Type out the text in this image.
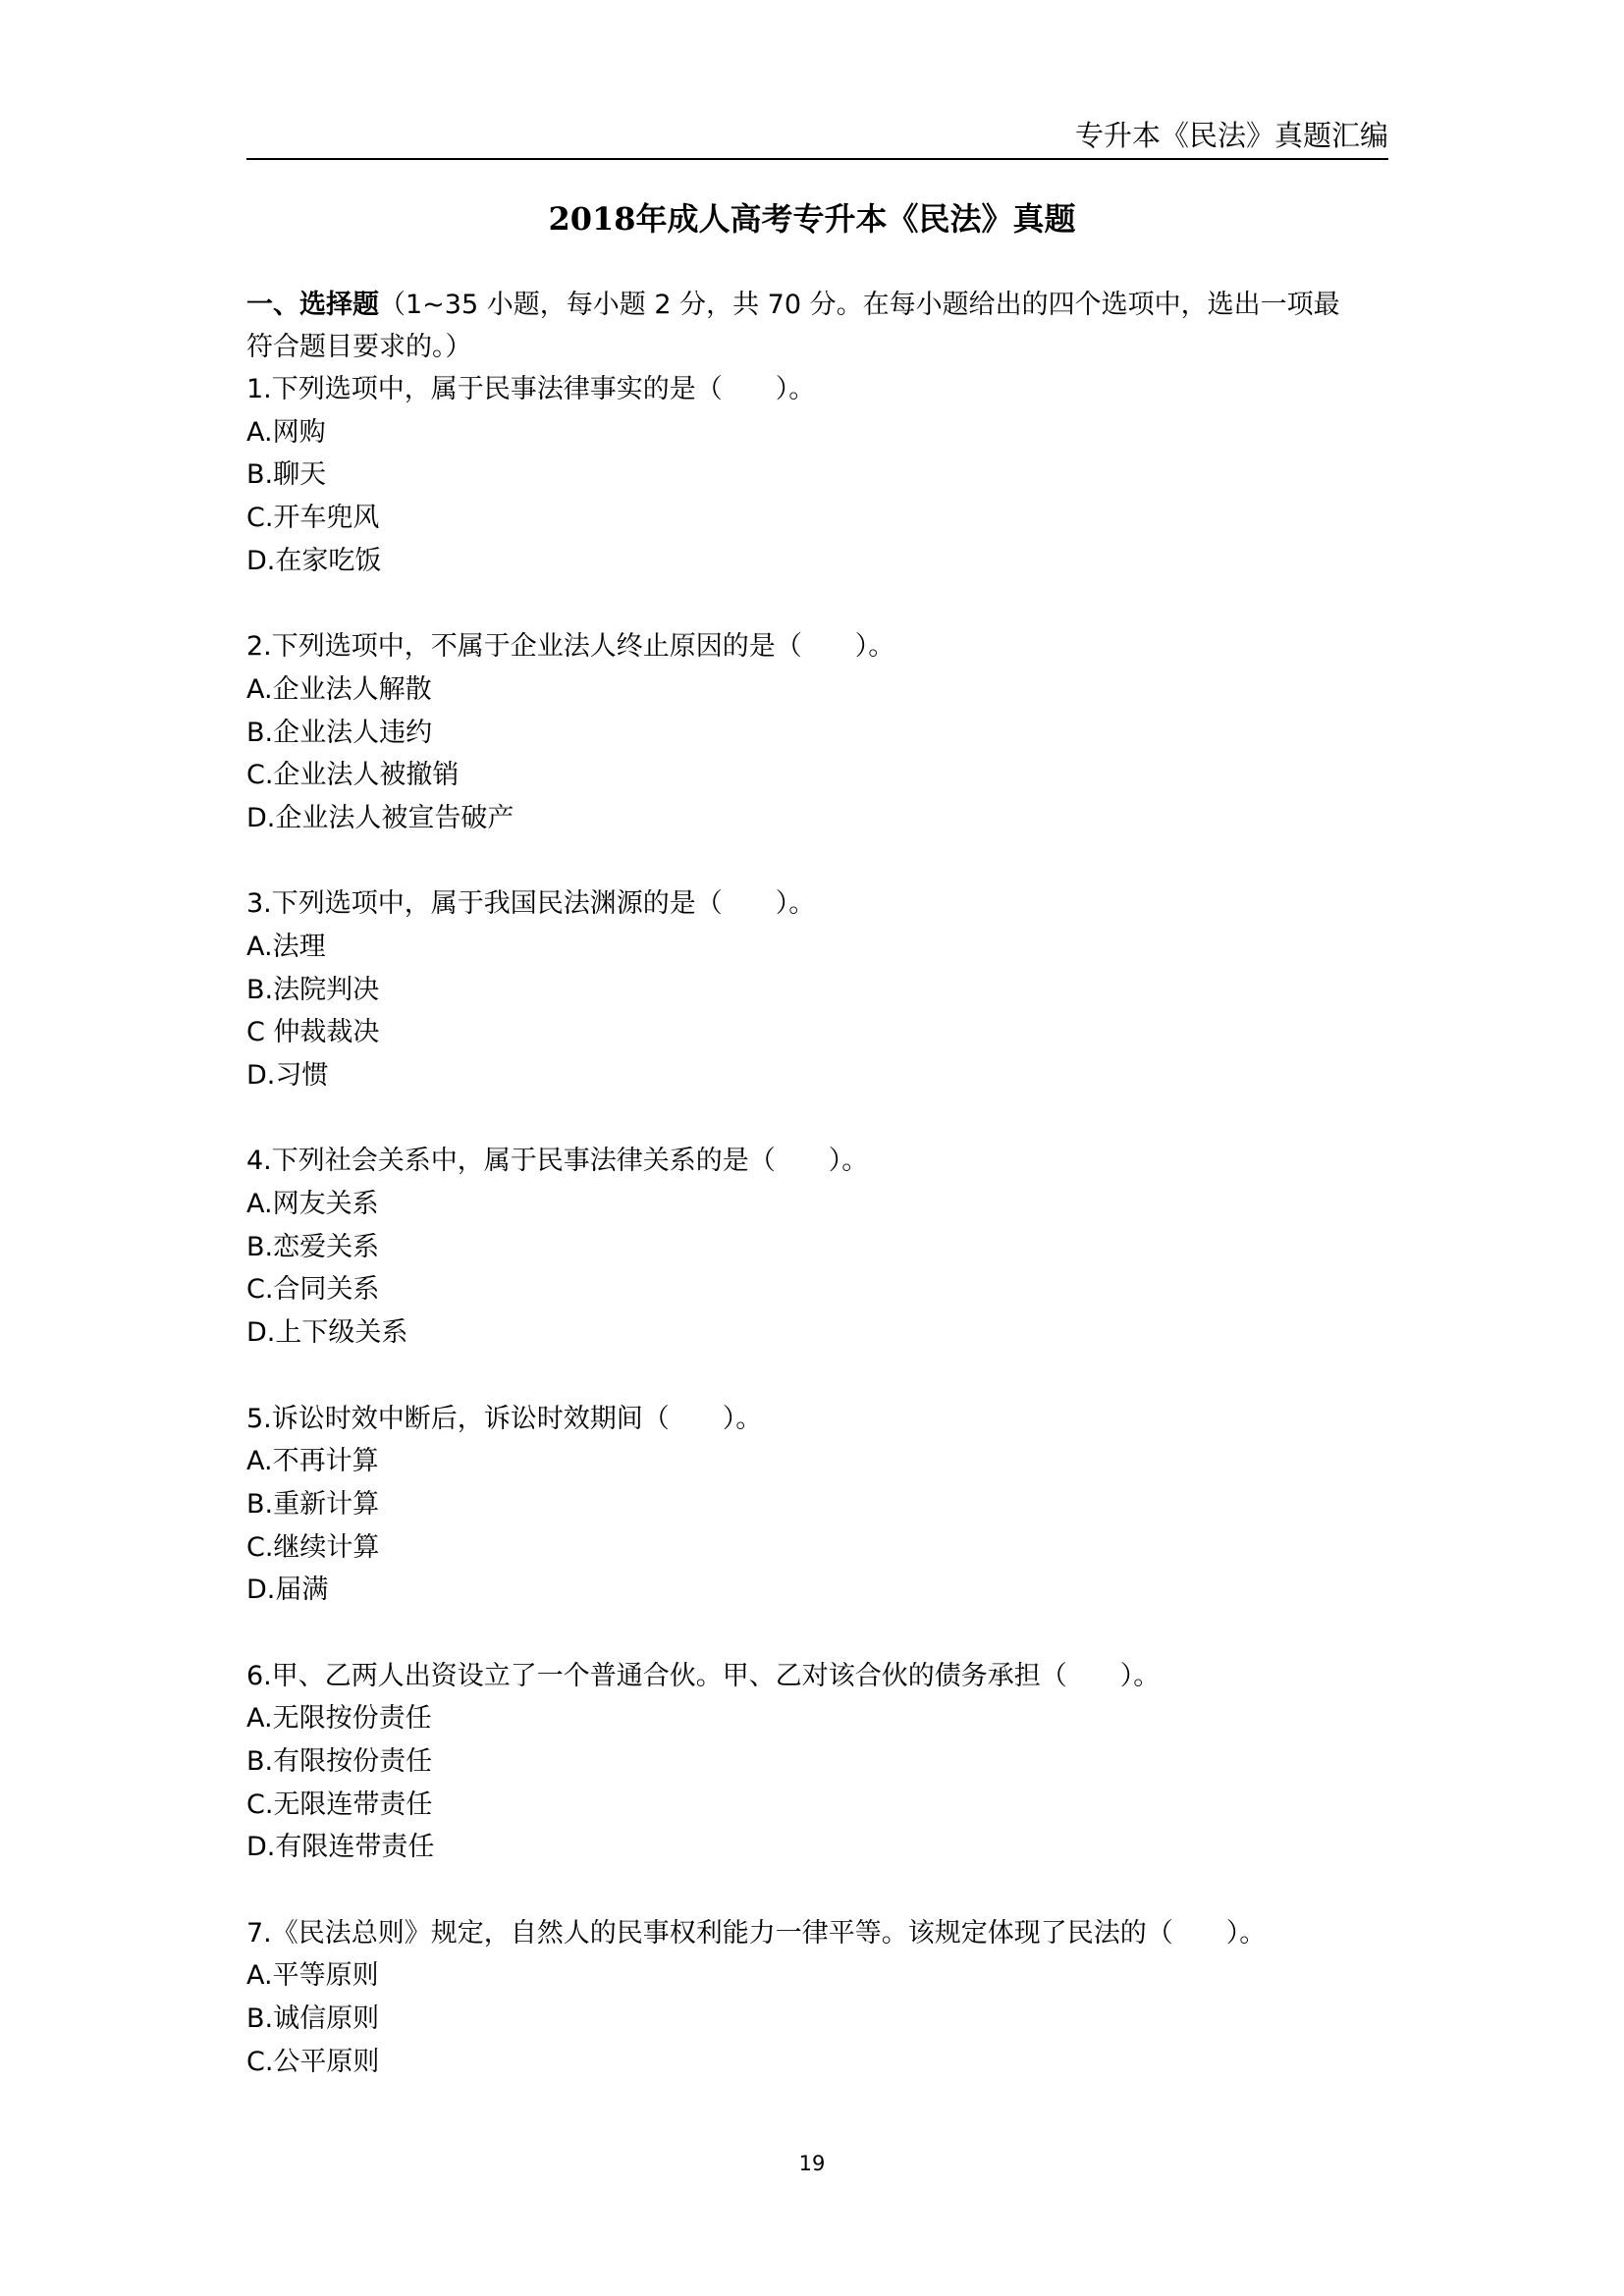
专升本《民法》真题汇编
2018年成人高考专升本《民法》真题
一、选择题（1~35 小题，每小题 2 分，共 70 分。在每小题给出的四个选项中，选出一项最
符合题目要求的。）
1.下列选项中，属于民事法律事实的是（　　）。
A.网购
B.聊天
C.开车兜风
D.在家吃饭
2.下列选项中，不属于企业法人终止原因的是（　　）。
A.企业法人解散
B.企业法人违约
C.企业法人被撤销
D.企业法人被宣告破产
3.下列选项中，属于我国民法渊源的是（　　）。
A.法理
B.法院判决
C 仲裁裁决
D.习惯
4.下列社会关系中，属于民事法律关系的是（　　）。
A.网友关系
B.恋爱关系
C.合同关系
D.上下级关系
5.诉讼时效中断后，诉讼时效期间（　　）。
A.不再计算
B.重新计算
C.继续计算
D.届满
6.甲、乙两人出资设立了一个普通合伙。甲、乙对该合伙的债务承担（　　）。
A.无限按份责任
B.有限按份责任
C.无限连带责任
D.有限连带责任
7.《民法总则》规定，自然人的民事权利能力一律平等。该规定体现了民法的（　　）。
A.平等原则
B.诚信原则
C.公平原则
19
